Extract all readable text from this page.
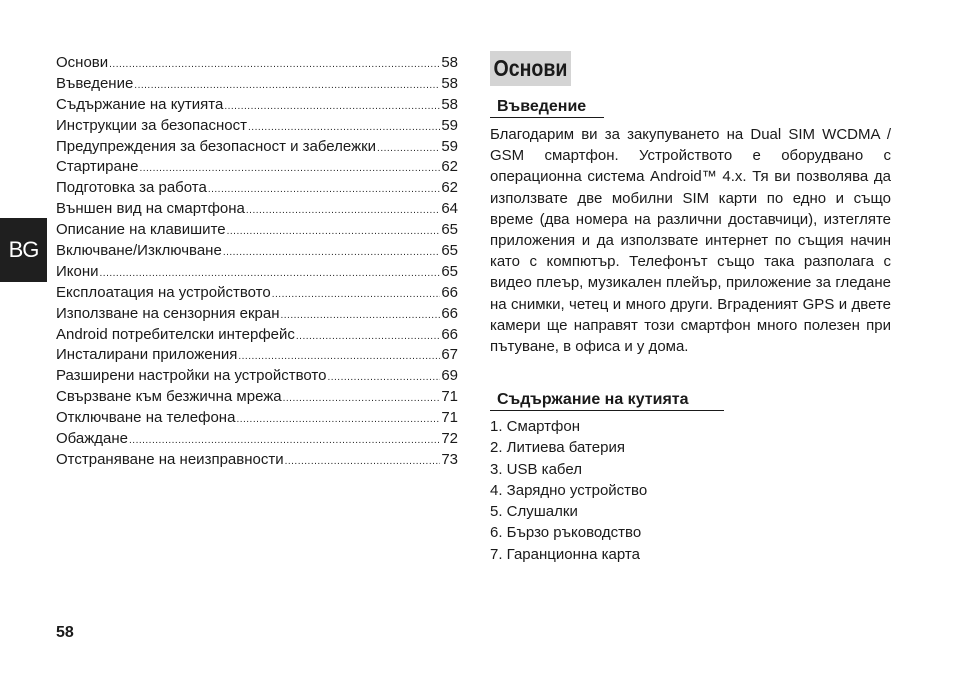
Основи .....	58
Въведение .....	58
Съдържание на кутията .....	58
Инструкции за безопасност .....	59
Предупреждения за безопасност и забележки .....	59
Стартиране .....	62
Подготовка за работа .....	62
Външен вид на смартфона .....	64
Описание на клавишите .....	65
Включване/Изключване .....	65
Икони .....	65
Експлоатация на устройството .....	66
Използване на сензорния екран .....	66
Android потребителски интерфейс .....	66
Инсталирани приложения .....	67
Разширени настройки на устройството .....	69
Свързване към безжична мрежа .....	71
Отключване на телефона .....	71
Обаждане .....	72
Отстраняване на неизправности .....	73
BG
58
Основи
Въведение

Благодарим ви за закупуването на Dual SIM WCDMA / GSM смартфон. Устройството е оборудвано с операционна система Android™ 4.x. Тя ви позволява да използвате две мобилни SIM карти по едно и също време (два номера на различни доставчици), изтегляте приложения и да използвате интернет по същия начин като с компютър. Телефонът също така разполага с видео плеър, музикален плейър, приложение за гледане на снимки, четец и много други. Вграденият GPS и двете камери ще направят този смартфон много полезен при пътуване, в офиса и у дома.

Съдържание на кутията
1. Смартфон
2. Литиева батерия
3. USB кабел
4. Зарядно устройство
5. Слушалки
6. Бързо ръководство
7. Гаранционна карта
